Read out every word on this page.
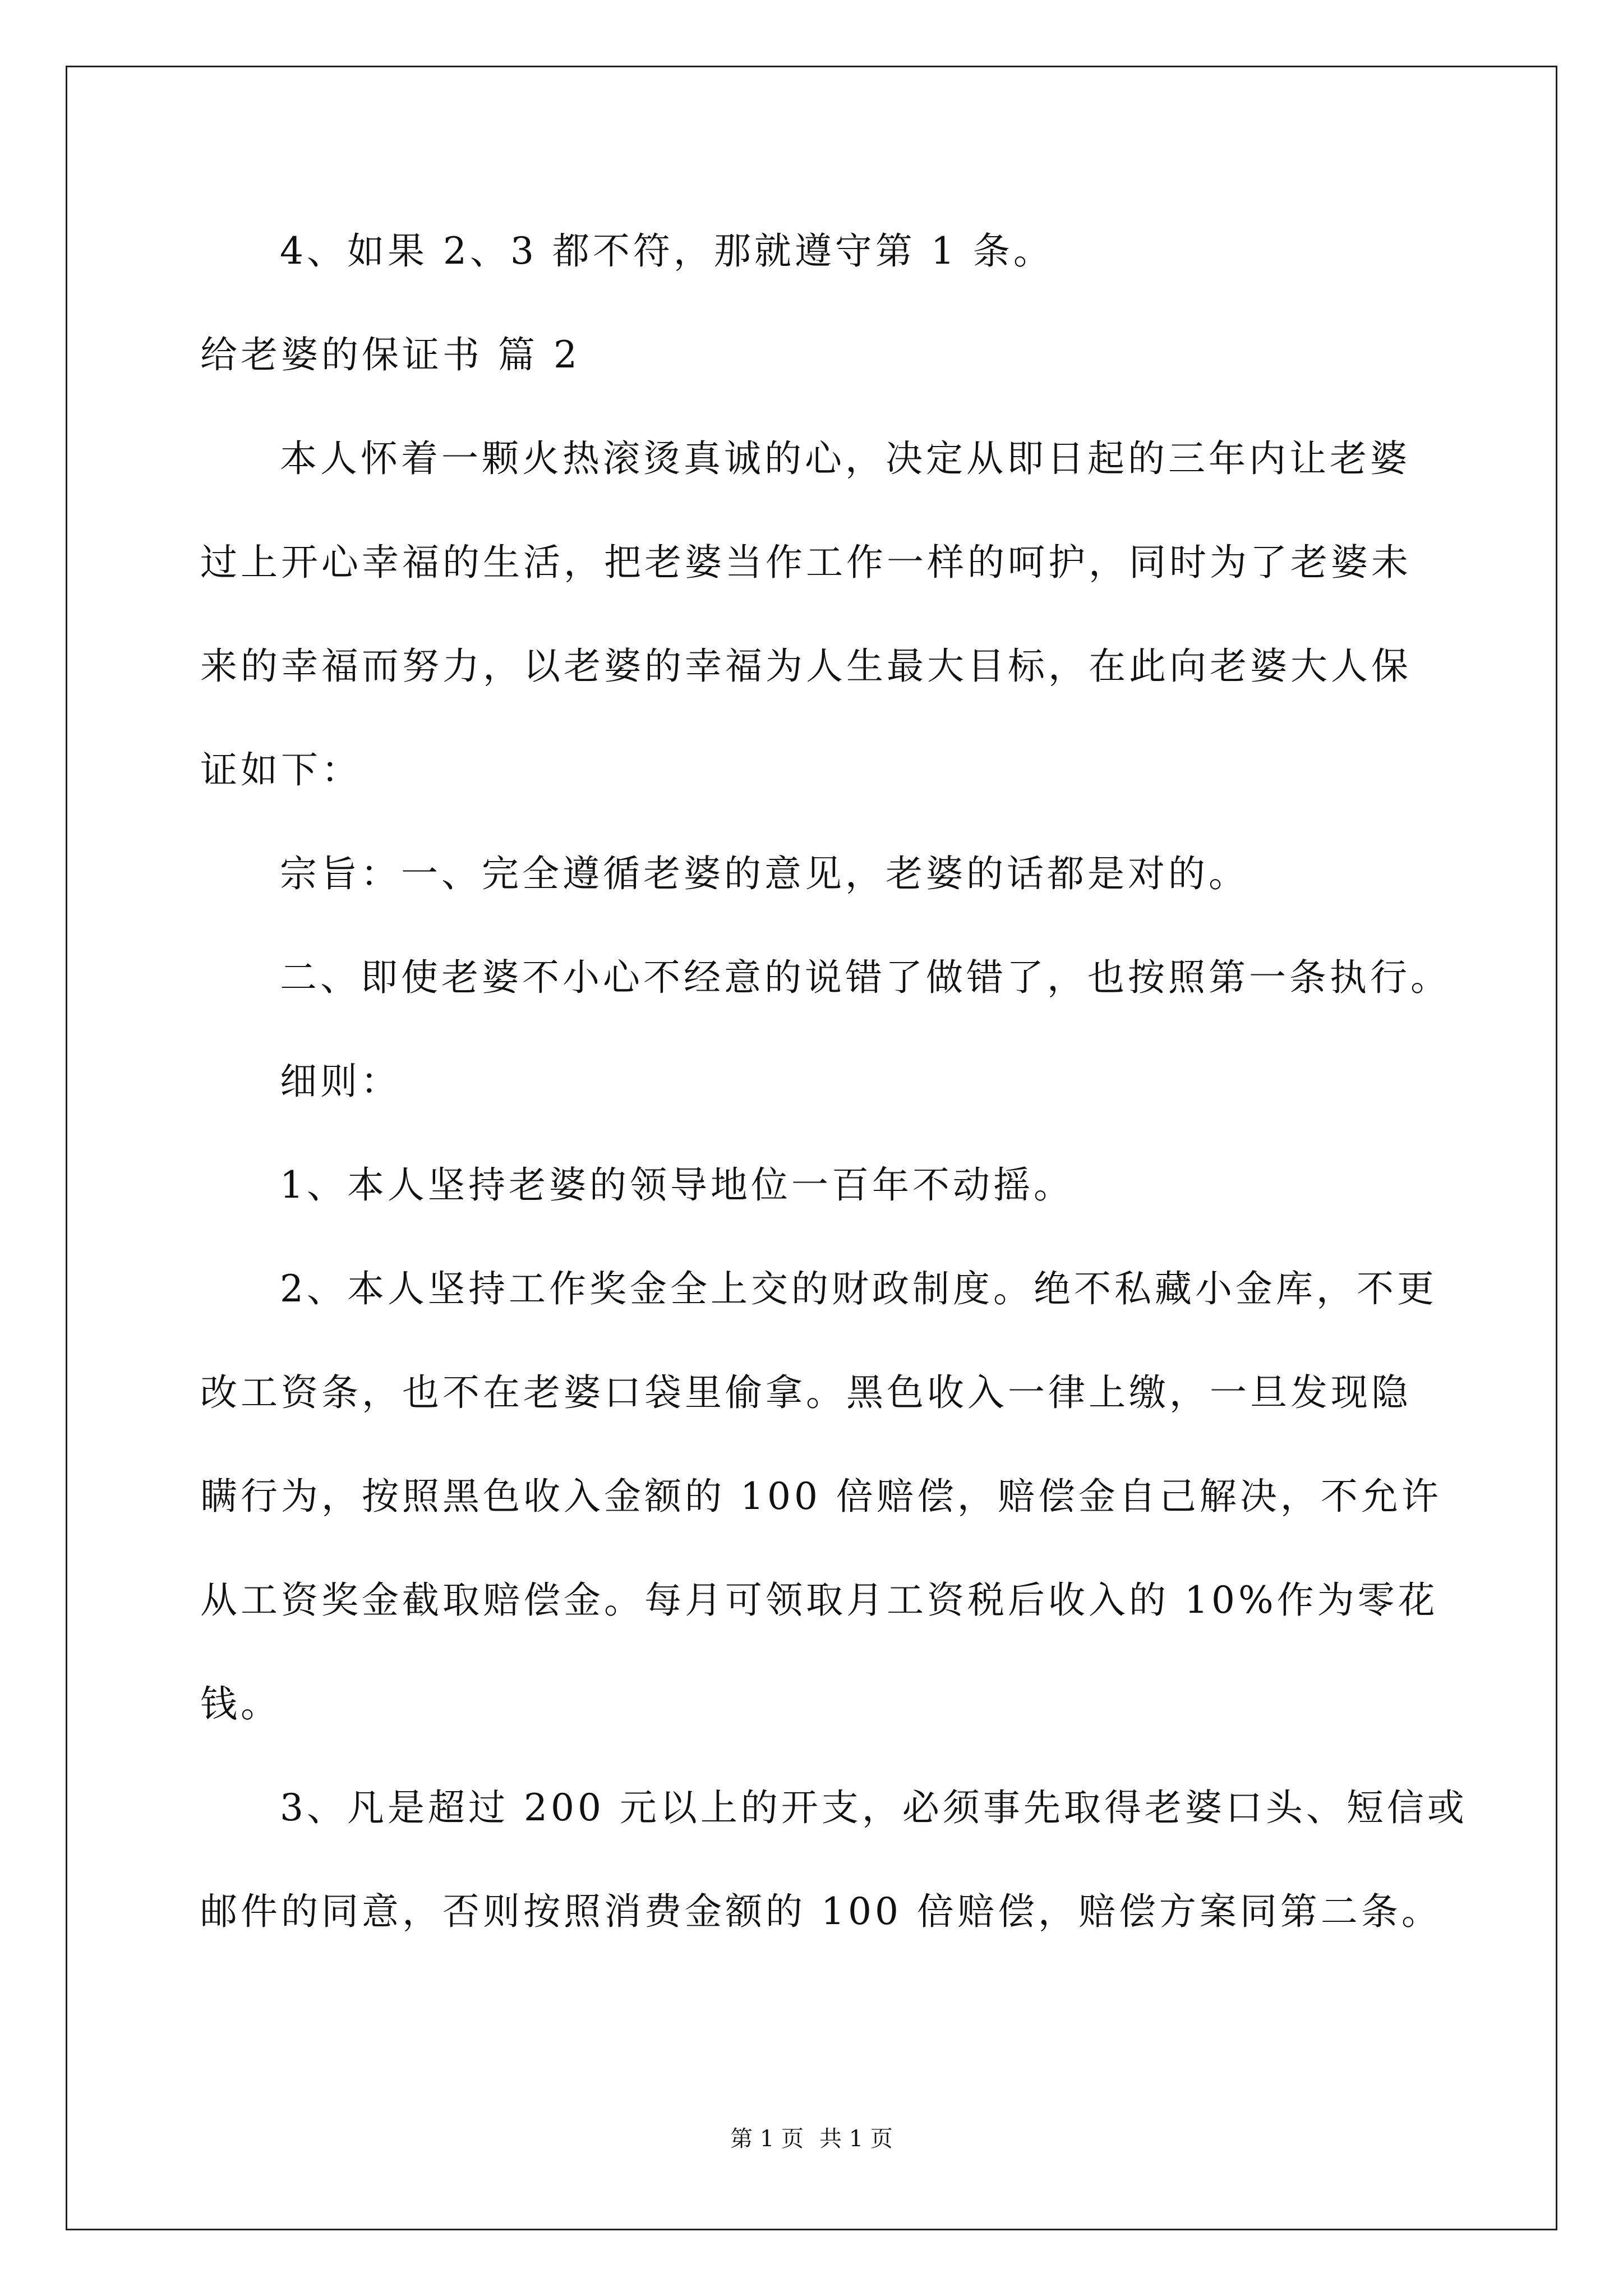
4、如果 2、3 都不符，那就遵守第 1 条。
给老婆的保证书 篇 2
本人怀着一颗火热滚烫真诚的心，决定从即日起的三年内让老婆
过上开心幸福的生活，把老婆当作工作一样的呵护，同时为了老婆未
来的幸福而努力，以老婆的幸福为人生最大目标，在此向老婆大人保
证如下：
宗旨：一、完全遵循老婆的意见，老婆的话都是对的。
二、即使老婆不小心不经意的说错了做错了，也按照第一条执行。
细则：
1、本人坚持老婆的领导地位一百年不动摇。
2、本人坚持工作奖金全上交的财政制度。绝不私藏小金库，不更
改工资条，也不在老婆口袋里偷拿。黑色收入一律上缴，一旦发现隐
瞒行为，按照黑色收入金额的 100 倍赔偿，赔偿金自己解决，不允许
从工资奖金截取赔偿金。每月可领取月工资税后收入的 10%作为零花
钱。
3、凡是超过 200 元以上的开支，必须事先取得老婆口头、短信或
邮件的同意，否则按照消费金额的 100 倍赔偿，赔偿方案同第二条。
第 1 页 共 1 页
